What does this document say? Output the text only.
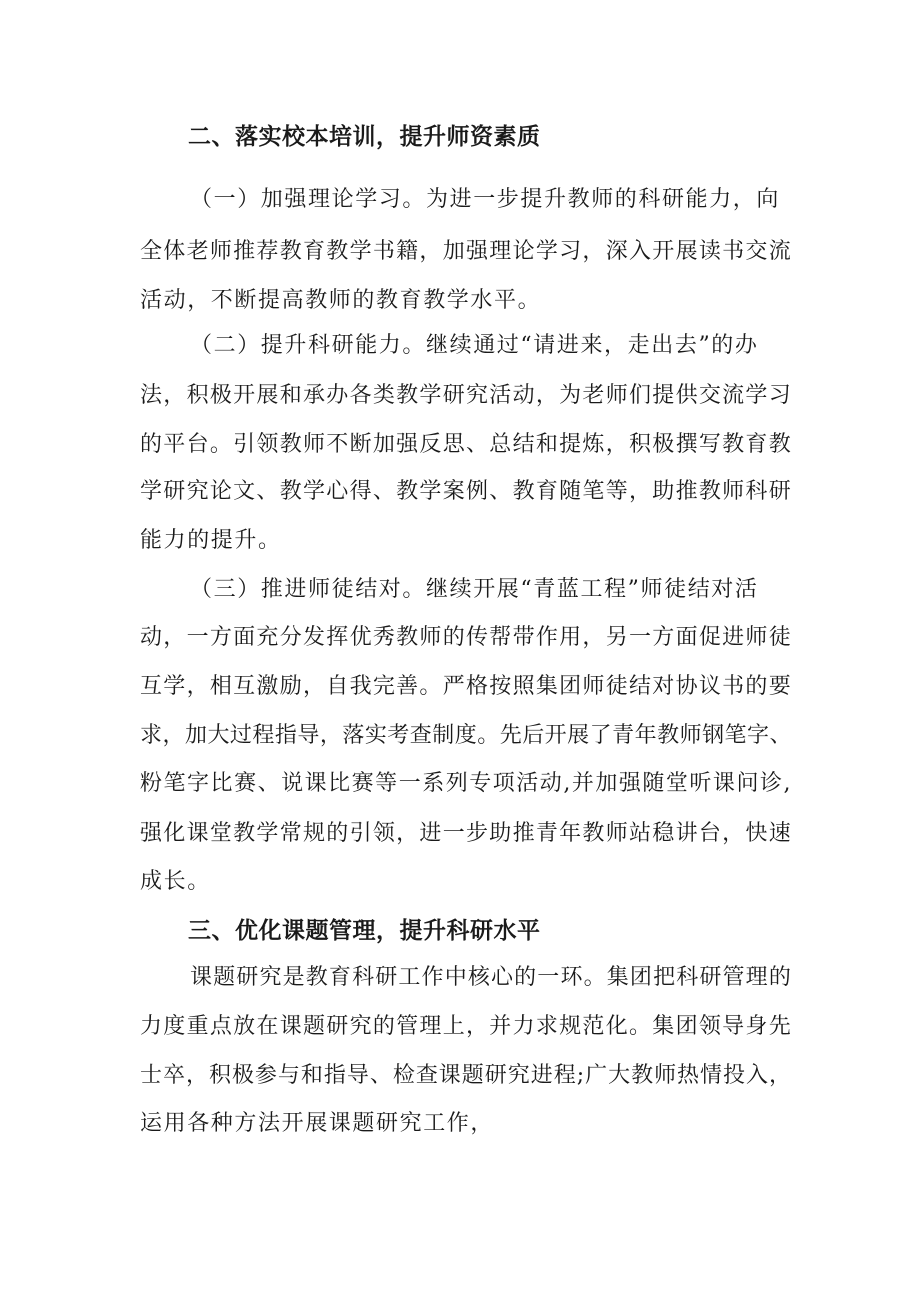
二、落实校本培训，提升师资素质
（一）加强理论学习。为进一步提升教师的科研能力，向
全体老师推荐教育教学书籍，加强理论学习，深入开展读书交流
活动，不断提高教师的教育教学水平。
（二）提升科研能力。继续通过“请进来，走出去”的办
法，积极开展和承办各类教学研究活动，为老师们提供交流学习
的平台。引领教师不断加强反思、总结和提炼，积极撰写教育教
学研究论文、教学心得、教学案例、教育随笔等，助推教师科研
能力的提升。
（三）推进师徒结对。继续开展“青蓝工程”师徒结对活
动，一方面充分发挥优秀教师的传帮带作用，另一方面促进师徒
互学，相互激励，自我完善。严格按照集团师徒结对协议书的要
求，加大过程指导，落实考查制度。先后开展了青年教师钢笔字、
粉笔字比赛、说课比赛等一系列专项活动,并加强随堂听课问诊,
强化课堂教学常规的引领，进一步助推青年教师站稳讲台，快速
成长。
三、优化课题管理，提升科研水平
课题研究是教育科研工作中核心的一环。集团把科研管理的
力度重点放在课题研究的管理上，并力求规范化。集团领导身先
士卒，积极参与和指导、检查课题研究进程;广大教师热情投入，
运用各种方法开展课题研究工作，
